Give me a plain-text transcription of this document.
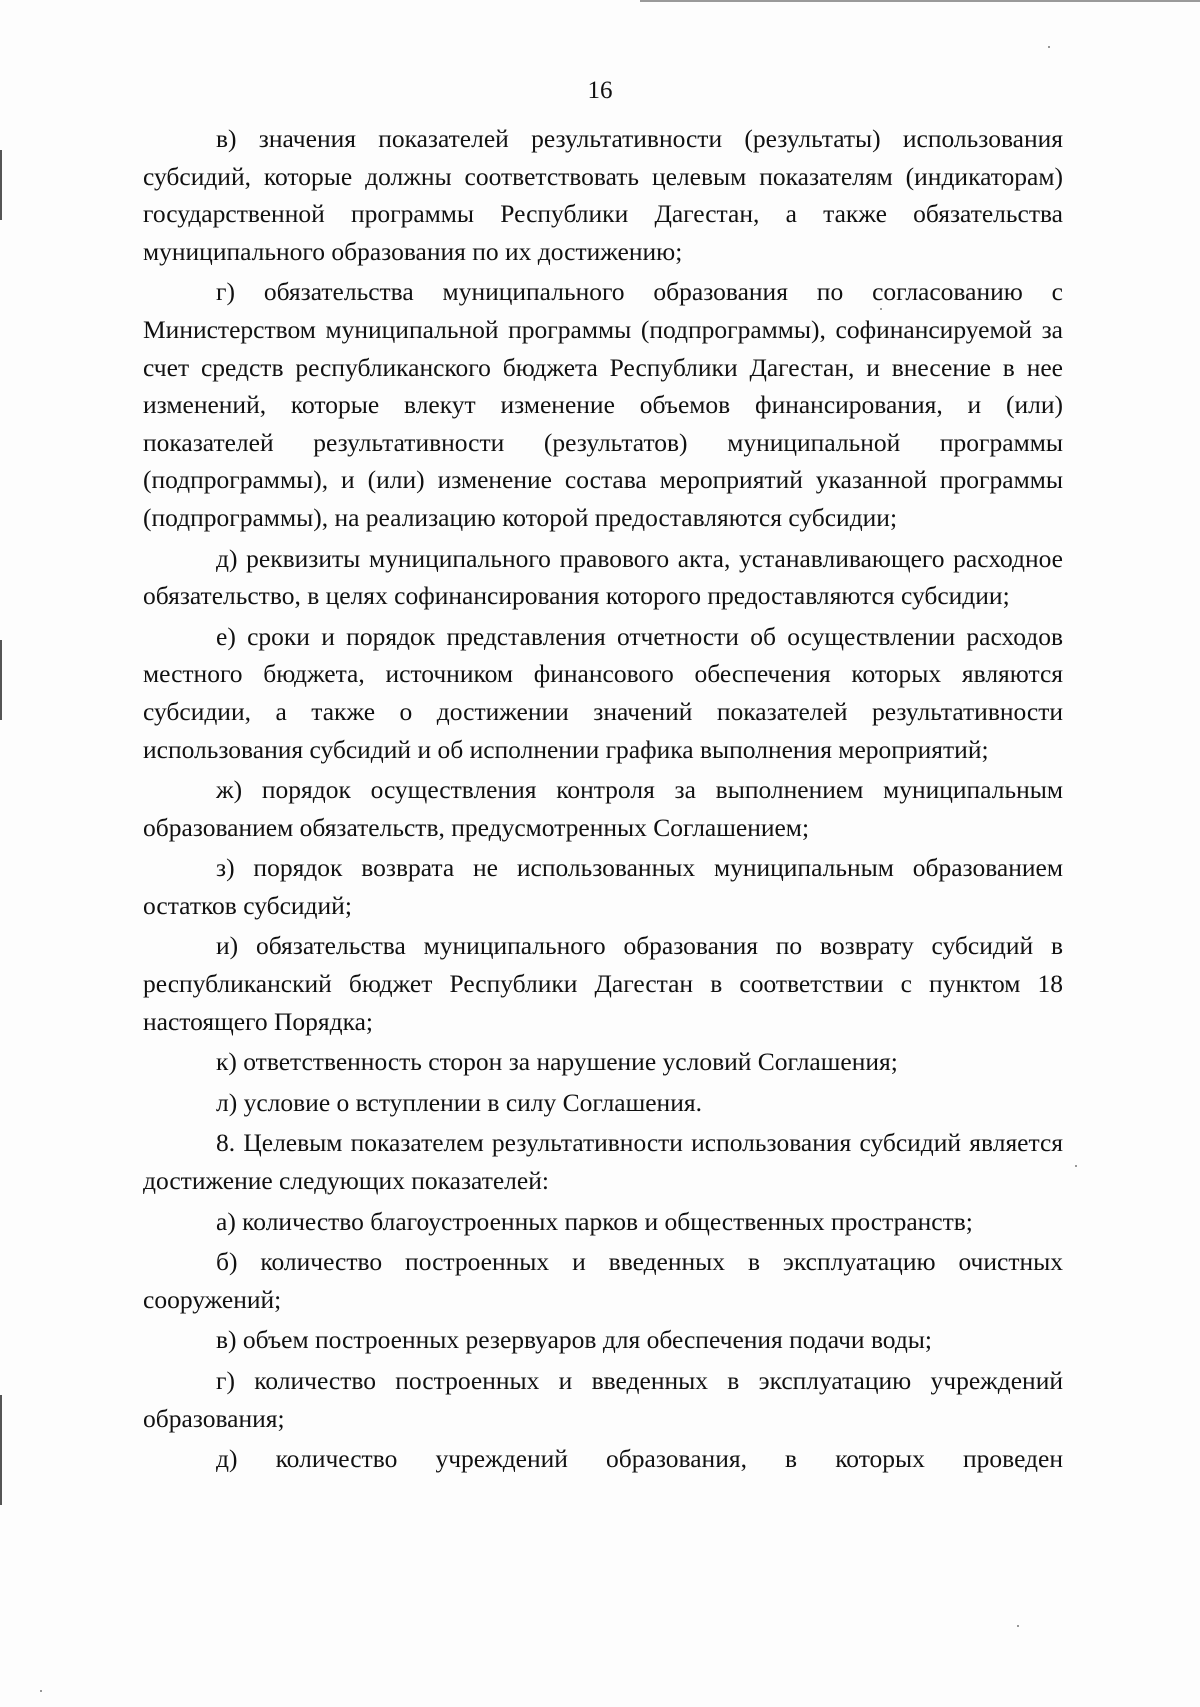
16

в) значения показателей результативности (результаты) использования субсидий, которые должны соответствовать целевым показателям (индикаторам) государственной программы Республики Дагестан, а также обязательства муниципального образования по их достижению;

г) обязательства муниципального образования по согласованию с Министерством муниципальной программы (подпрограммы), софинансируемой за счет средств республиканского бюджета Республики Дагестан, и внесение в нее изменений, которые влекут изменение объемов финансирования, и (или) показателей результативности (результатов) муниципальной программы (подпрограммы), и (или) изменение состава мероприятий указанной программы (подпрограммы), на реализацию которой предоставляются субсидии;

д) реквизиты муниципального правового акта, устанавливающего расходное обязательство, в целях софинансирования которого предоставляются субсидии;

е) сроки и порядок представления отчетности об осуществлении расходов местного бюджета, источником финансового обеспечения которых являются субсидии, а также о достижении значений показателей результативности использования субсидий и об исполнении графика выполнения мероприятий;

ж) порядок осуществления контроля за выполнением муниципальным образованием обязательств, предусмотренных Соглашением;

з) порядок возврата не использованных муниципальным образованием остатков субсидий;

и) обязательства муниципального образования по возврату субсидий в республиканский бюджет Республики Дагестан в соответствии с пунктом 18 настоящего Порядка;

к) ответственность сторон за нарушение условий Соглашения;

л) условие о вступлении в силу Соглашения.

8. Целевым показателем результативности использования субсидий является достижение следующих показателей:

а) количество благоустроенных парков и общественных пространств;

б) количество построенных и введенных в эксплуатацию очистных сооружений;

в) объем построенных резервуаров для обеспечения подачи воды;

г) количество построенных и введенных в эксплуатацию учреждений образования;

д) количество учреждений образования, в которых проведен
